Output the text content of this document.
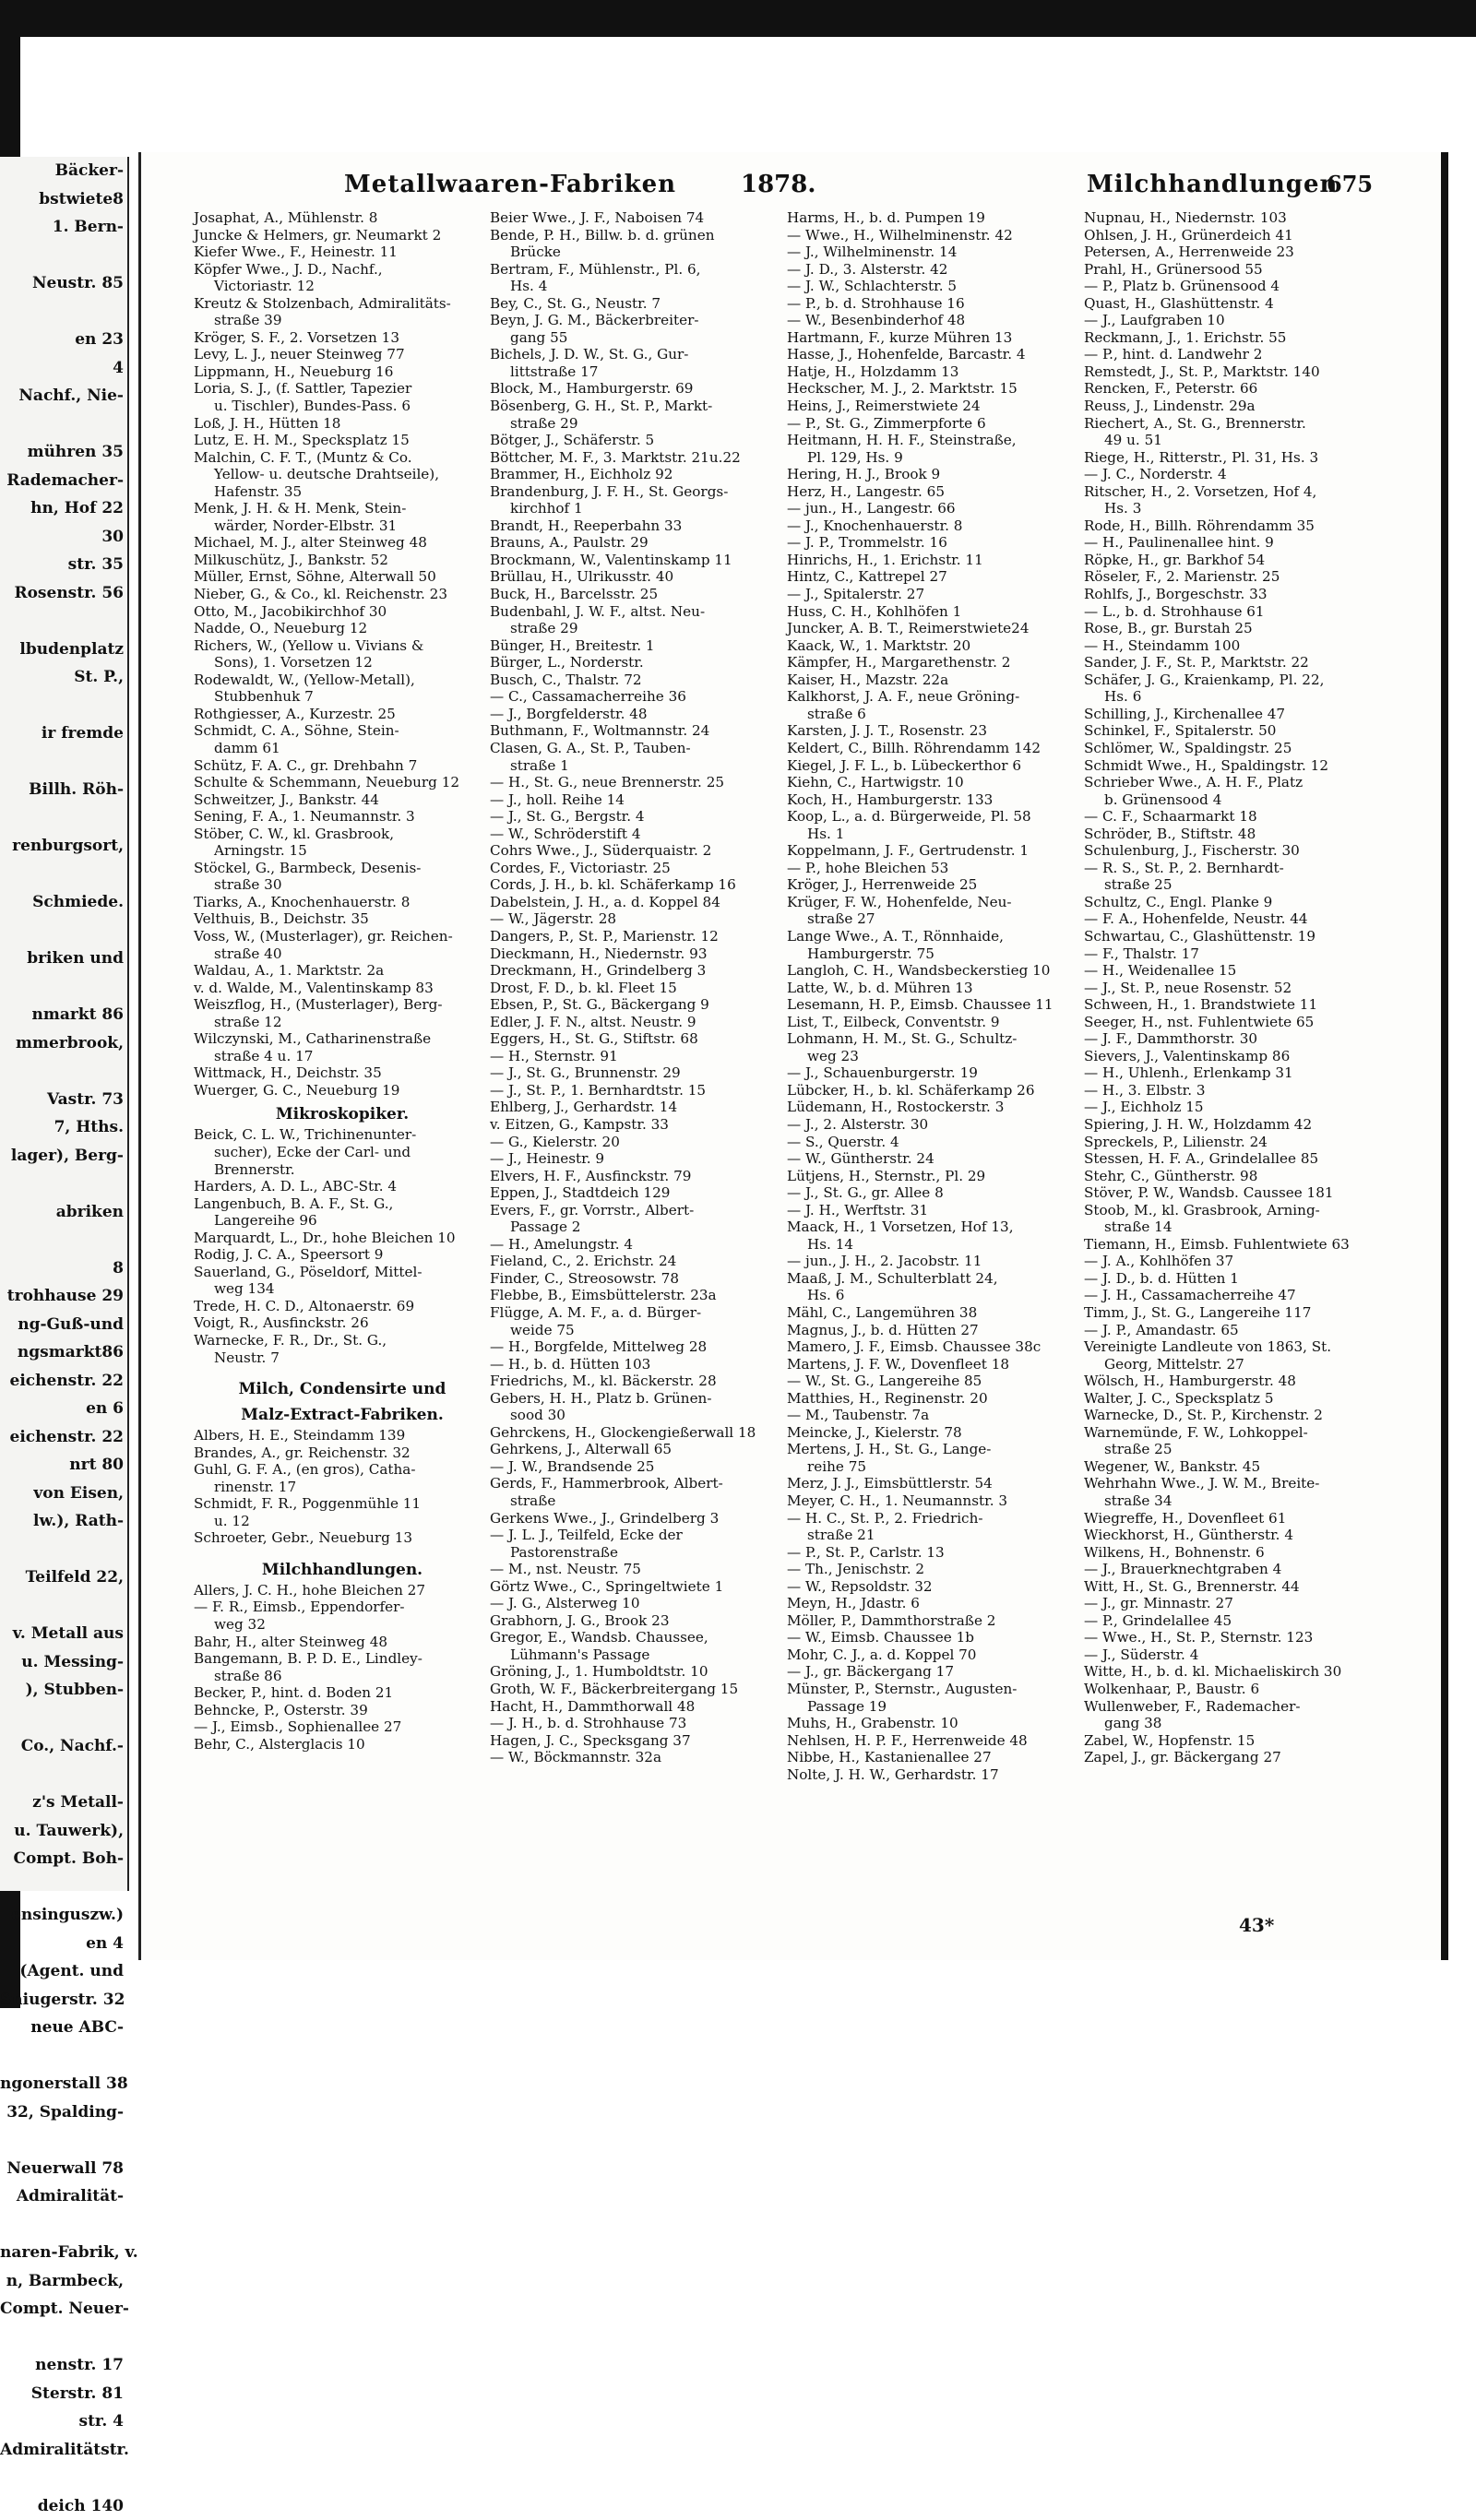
Bäcker-
bstwiete8
1. Bern-

Neustr. 85

en 23
4
Nachf., Nie-

mühren 35
Rademacher-
hn, Hof 22
30
str. 35
Rosenstr. 56

lbudenplatz
St. P.,

ir fremde

Billh. Röh-

renburgsort,

Schmiede.

briken und

nmarkt 86
mmerbrook,

Vastr. 73
7, Hths.
lager), Berg-

abriken

8
trohhause 29
ng-Guß-und
ngsmarkt86
eichenstr. 22
en 6
eichenstr. 22
nrt 80
von Eisen,
lw.), Rath-

Teilfeld 22,

v. Metall aus
u. Messing-
), Stubben-

Co., Nachf.-

z's Metall-
u. Tauwerk),
Compt. Boh-

ensinguszw.)
en 4
(Agent. und
Sniugerstr. 32
neue ABC-

ngonerstall 38
32, Spalding-

Neuerwall 78
Admiralität-

naren-Fabrik, v.
n, Barmbeck,
Compt. Neuer-

nenstr. 17
Sterstr. 81
str. 4
Admiralitätstr.

deich 140
Metallwaaren-Fabriken	1878.	Milchhandlungen
675
Josaphat, A., Mühlenstr. 8
Juncke & Helmers, gr. Neumarkt 2
Kiefer Wwe., F., Heinestr. 11
Köpfer Wwe., J. D., Nachf.,
Victoriastr. 12
Kreutz & Stolzenbach, Admiralitäts-
straße 39
Kröger, S. F., 2. Vorsetzen 13
Levy, L. J., neuer Steinweg 77
Lippmann, H., Neueburg 16
Loria, S. J., (f. Sattler, Tapezier
u. Tischler), Bundes-Pass. 6
Loß, J. H., Hütten 18
Lutz, E. H. M., Specksplatz 15
Malchin, C. F. T., (Muntz & Co.
Yellow- u. deutsche Drahtseile),
Hafenstr. 35
Menk, J. H. & H. Menk, Stein-
wärder, Norder-Elbstr. 31
Michael, M. J., alter Steinweg 48
Milkuschütz, J., Bankstr. 52
Müller, Ernst, Söhne, Alterwall 50
Nieber, G., & Co., kl. Reichenstr. 23
Otto, M., Jacobikirchhof 30
Nadde, O., Neueburg 12
Richers, W., (Yellow u. Vivians &
Sons), 1. Vorsetzen 12
Rodewaldt, W., (Yellow-Metall),
Stubbenhuk 7
Rothgiesser, A., Kurzestr. 25
Schmidt, C. A., Söhne, Stein-
damm 61
Schütz, F. A. C., gr. Drehbahn 7
Schulte & Schemmann, Neueburg 12
Schweitzer, J., Bankstr. 44
Sening, F. A., 1. Neumannstr. 3
Stöber, C. W., kl. Grasbrook,
Arningstr. 15
Stöckel, G., Barmbeck, Desenis-
straße 30
Tiarks, A., Knochenhauerstr. 8
Velthuis, B., Deichstr. 35
Voss, W., (Musterlager), gr. Reichen-
straße 40
Waldau, A., 1. Marktstr. 2a
v. d. Walde, M., Valentinskamp 83
Weiszflog, H., (Musterlager), Berg-
straße 12
Wilczynski, M., Catharinenstraße
straße 4 u. 17
Wittmack, H., Deichstr. 35
Wuerger, G. C., Neueburg 19
Mikroskopiker.
Beick, C. L. W., Trichinenunter-
sucher), Ecke der Carl- und
Brennerstr.
Harders, A. D. L., ABC-Str. 4
Langenbuch, B. A. F., St. G.,
Langereihe 96
Marquardt, L., Dr., hohe Bleichen 10
Rodig, J. C. A., Speersort 9
Sauerland, G., Pöseldorf, Mittel-
weg 134
Trede, H. C. D., Altonaerstr. 69
Voigt, R., Ausfinckstr. 26
Warnecke, F. R., Dr., St. G.,
Neustr. 7
Milch, Condensirte und
Malz-Extract-Fabriken.
Albers, H. E., Steindamm 139
Brandes, A., gr. Reichenstr. 32
Guhl, G. F. A., (en gros), Catha-
rinenstr. 17
Schmidt, F. R., Poggenmühle 11
u. 12
Schroeter, Gebr., Neueburg 13
Milchhandlungen.
Allers, J. C. H., hohe Bleichen 27
— F. R., Eimsb., Eppendorfer-
weg 32
Bahr, H., alter Steinweg 48
Bangemann, B. P. D. E., Lindley-
straße 86
Becker, P., hint. d. Boden 21
Behncke, P., Osterstr. 39
— J., Eimsb., Sophienallee 27
Behr, C., Alsterglacis 10
Beier Wwe., J. F., Naboisen 74
Bende, P. H., Billw. b. d. grünen
Brücke
Bertram, F., Mühlenstr., Pl. 6,
Hs. 4
Bey, C., St. G., Neustr. 7
Beyn, J. G. M., Bäckerbreiter-
gang 55
Bichels, J. D. W., St. G., Gur-
littstraße 17
Block, M., Hamburgerstr. 69
Bösenberg, G. H., St. P., Markt-
straße 29
Bötger, J., Schäferstr. 5
Böttcher, M. F., 3. Marktstr. 21u.22
Brammer, H., Eichholz 92
Brandenburg, J. F. H., St. Georgs-
kirchhof 1
Brandt, H., Reeperbahn 33
Brauns, A., Paulstr. 29
Brockmann, W., Valentinskamp 11
Brüllau, H., Ulrikusstr. 40
Buck, H., Barcelsstr. 25
Budenbahl, J. W. F., altst. Neu-
straße 29
Bünger, H., Breitestr. 1
Bürger, L., Norderstr.
Busch, C., Thalstr. 72
— C., Cassamacherreihe 36
— J., Borgfelderstr. 48
Buthmann, F., Woltmannstr. 24
Clasen, G. A., St. P., Tauben-
straße 1
— H., St. G., neue Brennerstr. 25
— J., holl. Reihe 14
— J., St. G., Bergstr. 4
— W., Schröderstift 4
Cohrs Wwe., J., Süderquaistr. 2
Cordes, F., Victoriastr. 25
Cords, J. H., b. kl. Schäferkamp 16
Dabelstein, J. H., a. d. Koppel 84
— W., Jägerstr. 28
Dangers, P., St. P., Marienstr. 12
Dieckmann, H., Niedernstr. 93
Dreckmann, H., Grindelberg 3
Drost, F. D., b. kl. Fleet 15
Ebsen, P., St. G., Bäckergang 9
Edler, J. F. N., altst. Neustr. 9
Eggers, H., St. G., Stiftstr. 68
— H., Sternstr. 91
— J., St. G., Brunnenstr. 29
— J., St. P., 1. Bernhardtstr. 15
Ehlberg, J., Gerhardstr. 14
v. Eitzen, G., Kampstr. 33
— G., Kielerstr. 20
— J., Heinestr. 9
Elvers, H. F., Ausfinckstr. 79
Eppen, J., Stadtdeich 129
Evers, F., gr. Vorrstr., Albert-
Passage 2
— H., Amelungstr. 4
Fieland, C., 2. Erichstr. 24
Finder, C., Streosowstr. 78
Flebbe, B., Eimsbüttelerstr. 23a
Flügge, A. M. F., a. d. Bürger-
weide 75
— H., Borgfelde, Mittelweg 28
— H., b. d. Hütten 103
Friedrichs, M., kl. Bäckerstr. 28
Gebers, H. H., Platz b. Grünen-
sood 30
Gehrckens, H., Glockengießerwall 18
Gehrkens, J., Alterwall 65
— J. W., Brandsende 25
Gerds, F., Hammerbrook, Albert-
straße
Gerkens Wwe., J., Grindelberg 3
— J. L. J., Teilfeld, Ecke der
Pastorenstraße
— M., nst. Neustr. 75
Görtz Wwe., C., Springeltwiete 1
— J. G., Alsterweg 10
Grabhorn, J. G., Brook 23
Gregor, E., Wandsb. Chaussee,
Lühmann's Passage
Gröning, J., 1. Humboldtstr. 10
Groth, W. F., Bäckerbreitergang 15
Hacht, H., Dammthorwall 48
— J. H., b. d. Strohhause 73
Hagen, J. C., Specksgang 37
— W., Böckmannstr. 32a
Harms, H., b. d. Pumpen 19
— Wwe., H., Wilhelminenstr. 42
— J., Wilhelminenstr. 14
— J. D., 3. Alsterstr. 42
— J. W., Schlachterstr. 5
— P., b. d. Strohhause 16
— W., Besenbinderhof 48
Hartmann, F., kurze Mühren 13
Hasse, J., Hohenfelde, Barcastr. 4
Hatje, H., Holzdamm 13
Heckscher, M. J., 2. Marktstr. 15
Heins, J., Reimerstwiete 24
— P., St. G., Zimmerpforte 6
Heitmann, H. H. F., Steinstraße,
Pl. 129, Hs. 9
Hering, H. J., Brook 9
Herz, H., Langestr. 65
— jun., H., Langestr. 66
— J., Knochenhauerstr. 8
— J. P., Trommelstr. 16
Hinrichs, H., 1. Erichstr. 11
Hintz, C., Kattrepel 27
— J., Spitalerstr. 27
Huss, C. H., Kohlhöfen 1
Juncker, A. B. T., Reimerstwiete24
Kaack, W., 1. Marktstr. 20
Kämpfer, H., Margarethenstr. 2
Kaiser, H., Mazstr. 22a
Kalkhorst, J. A. F., neue Gröning-
straße 6
Karsten, J. J. T., Rosenstr. 23
Keldert, C., Billh. Röhrendamm 142
Kiegel, J. F. L., b. Lübeckerthor 6
Kiehn, C., Hartwigstr. 10
Koch, H., Hamburgerstr. 133
Koop, L., a. d. Bürgerweide, Pl. 58
Hs. 1
Koppelmann, J. F., Gertrudenstr. 1
— P., hohe Bleichen 53
Kröger, J., Herrenweide 25
Krüger, F. W., Hohenfelde, Neu-
straße 27
Lange Wwe., A. T., Rönnhaide,
Hamburgerstr. 75
Langloh, C. H., Wandsbeckerstieg 10
Latte, W., b. d. Mühren 13
Lesemann, H. P., Eimsb. Chaussee 11
List, T., Eilbeck, Conventstr. 9
Lohmann, H. M., St. G., Schultz-
weg 23
— J., Schauenburgerstr. 19
Lübcker, H., b. kl. Schäferkamp 26
Lüdemann, H., Rostockerstr. 3
— J., 2. Alsterstr. 30
— S., Querstr. 4
— W., Güntherstr. 24
Lütjens, H., Sternstr., Pl. 29
— J., St. G., gr. Allee 8
— J. H., Werftstr. 31
Maack, H., 1 Vorsetzen, Hof 13,
Hs. 14
— jun., J. H., 2. Jacobstr. 11
Maaß, J. M., Schulterblatt 24,
Hs. 6
Mähl, C., Langemühren 38
Magnus, J., b. d. Hütten 27
Mamero, J. F., Eimsb. Chaussee 38c
Martens, J. F. W., Dovenfleet 18
— W., St. G., Langereihe 85
Matthies, H., Reginenstr. 20
— M., Taubenstr. 7a
Meincke, J., Kielerstr. 78
Mertens, J. H., St. G., Lange-
reihe 75
Merz, J. J., Eimsbüttlerstr. 54
Meyer, C. H., 1. Neumannstr. 3
— H. C., St. P., 2. Friedrich-
straße 21
— P., St. P., Carlstr. 13
— Th., Jenischstr. 2
— W., Repsoldstr. 32
Meyn, H., Jdastr. 6
Möller, P., Dammthorstraße 2
— W., Eimsb. Chaussee 1b
Mohr, C. J., a. d. Koppel 70
— J., gr. Bäckergang 17
Münster, P., Sternstr., Augusten-
Passage 19
Muhs, H., Grabenstr. 10
Nehlsen, H. P. F., Herrenweide 48
Nibbe, H., Kastanienallee 27
Nolte, J. H. W., Gerhardstr. 17
Nupnau, H., Niedernstr. 103
Ohlsen, J. H., Grünerdeich 41
Petersen, A., Herrenweide 23
Prahl, H., Grünersood 55
— P., Platz b. Grünensood 4
Quast, H., Glashüttenstr. 4
— J., Laufgraben 10
Reckmann, J., 1. Erichstr. 55
— P., hint. d. Landwehr 2
Remstedt, J., St. P., Marktstr. 140
Rencken, F., Peterstr. 66
Reuss, J., Lindenstr. 29a
Riechert, A., St. G., Brennerstr.
49 u. 51
Riege, H., Ritterstr., Pl. 31, Hs. 3
— J. C., Norderstr. 4
Ritscher, H., 2. Vorsetzen, Hof 4,
Hs. 3
Rode, H., Billh. Röhrendamm 35
— H., Paulinenallee hint. 9
Röpke, H., gr. Barkhof 54
Röseler, F., 2. Marienstr. 25
Rohlfs, J., Borgeschstr. 33
— L., b. d. Strohhause 61
Rose, B., gr. Burstah 25
— H., Steindamm 100
Sander, J. F., St. P., Marktstr. 22
Schäfer, J. G., Kraienkamp, Pl. 22,
Hs. 6
Schilling, J., Kirchenallee 47
Schinkel, F., Spitalerstr. 50
Schlömer, W., Spaldingstr. 25
Schmidt Wwe., H., Spaldingstr. 12
Schrieber Wwe., A. H. F., Platz
b. Grünensood 4
— C. F., Schaarmarkt 18
Schröder, B., Stiftstr. 48
Schulenburg, J., Fischerstr. 30
— R. S., St. P., 2. Bernhardt-
straße 25
Schultz, C., Engl. Planke 9
— F. A., Hohenfelde, Neustr. 44
Schwartau, C., Glashüttenstr. 19
— F., Thalstr. 17
— H., Weidenallee 15
— J., St. P., neue Rosenstr. 52
Schween, H., 1. Brandstwiete 11
Seeger, H., nst. Fuhlentwiete 65
— J. F., Dammthorstr. 30
Sievers, J., Valentinskamp 86
— H., Uhlenh., Erlenkamp 31
— H., 3. Elbstr. 3
— J., Eichholz 15
Spiering, J. H. W., Holzdamm 42
Spreckels, P., Lilienstr. 24
Stessen, H. F. A., Grindelallee 85
Stehr, C., Güntherstr. 98
Stöver, P. W., Wandsb. Caussee 181
Stoob, M., kl. Grasbrook, Arning-
straße 14
Tiemann, H., Eimsb. Fuhlentwiete 63
— J. A., Kohlhöfen 37
— J. D., b. d. Hütten 1
— J. H., Cassamacherreihe 47
Timm, J., St. G., Langereihe 117
— J. P., Amandastr. 65
Vereinigte Landleute von 1863, St.
Georg, Mittelstr. 27
Wölsch, H., Hamburgerstr. 48
Walter, J. C., Specksplatz 5
Warnecke, D., St. P., Kirchenstr. 2
Warnemünde, F. W., Lohkoppel-
straße 25
Wegener, W., Bankstr. 45
Wehrhahn Wwe., J. W. M., Breite-
straße 34
Wiegreffe, H., Dovenfleet 61
Wieckhorst, H., Güntherstr. 4
Wilkens, H., Bohnenstr. 6
— J., Brauerknechtgraben 4
Witt, H., St. G., Brennerstr. 44
— J., gr. Minnastr. 27
— P., Grindelallee 45
— Wwe., H., St. P., Sternstr. 123
— J., Süderstr. 4
Witte, H., b. d. kl. Michaeliskirch 30
Wolkenhaar, P., Baustr. 6
Wullenweber, F., Rademacher-
gang 38
Zabel, W., Hopfenstr. 15
Zapel, J., gr. Bäckergang 27
43*
